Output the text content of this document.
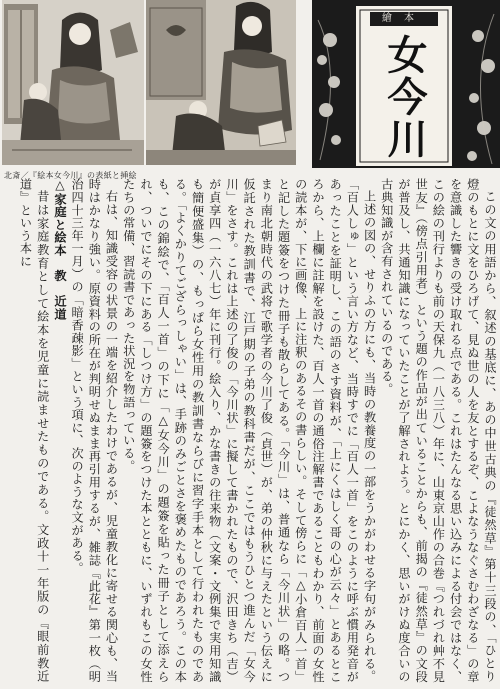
繪本
女今川
北斎／『絵本女今川』の表紙と挿絵

この文の用語から、叙述の基底に、あの中世古典の『徒然草』第十三段の、「ひとり燈のもとに文をひろげて、見ぬ世の人を友とするぞ、こよなうなぐさむわざなる」の章を意識した響きの受け取れる点である。これはたんなる思い込みによる付会ではなく、この絵の刊行よりも前の天保九（一八三八）年に、山東京山作の合巻『つれづれ艸不見世友』（傍点引用者）という題の作品が出ていることからも、前揭の『徒然草』の文段が普及し、共通知識になっていたことが了解されよう。とにかく、思いがけぬ度合いの古典知識が含有されているのである。

上述の図の、せりふの方にも、当時の教養度の一部をうかがわせる字句がみられる。「百人しゅ」という言い方など、当時すでに「百人一首」をこのように呼ぶ慣用発音があったことを証明し、この語のさす資料が、「上にくはしく哥の心が云々」とあるところから、上欄に註解を設けた、百人一首の通俗注解書であることもわかり、前面の女性の読本が、下に画像、上に注釈のあるその書らしい。そして傍らに「△小倉百人一首」と記した題簽をつけた冊子も散らしてある。「今川」は、普通なら「今川状」の略。つまり南北朝時代の武将で歌学者の今川了俊（貞世）が、弟の仲秋に与えたという伝えに仮託された教訓書で、江戸期の子弟の教科書だが、ここではもうひとつ進んだ「女今川」をさす。これは上述の了俊の「今川状」に擬して書かれたもので、沢田きち（吉）が貞享四（一六八七）年に刊行。絵入り、かな書きの往来物（文案・文例集で実用知識も簡便盛集）の、もっぱら女性用の教訓書ならびに習字手本として行われたものである。「よくかりてござらっしゃい」は、手跡のみごとさを褒めたものであろう。この本も、この錦絵で、「百人一首」の下に「△女今川」の題簽を貼った冊子として添えられ、ついでにその下にある「しつけ方」の題簽をつけた本とともに、いずれもこの女性たちの常備、習読書であった状況を物語っている。

右は、知識受容の状景の一端を紹介したわけであるが、児童教化に寄せる関心も、当時はかなり強い。原資料の所在が判明せぬまま再引用するが、雑誌『此花』第一枚（明治四十三年一月）の「暗香疎影」という項に、次のような文がある。

△家庭と絵本　教　近道

昔は家庭教育として絵本を児童に読ませたものである。文政十一年版の『眼前教近道』という本に
